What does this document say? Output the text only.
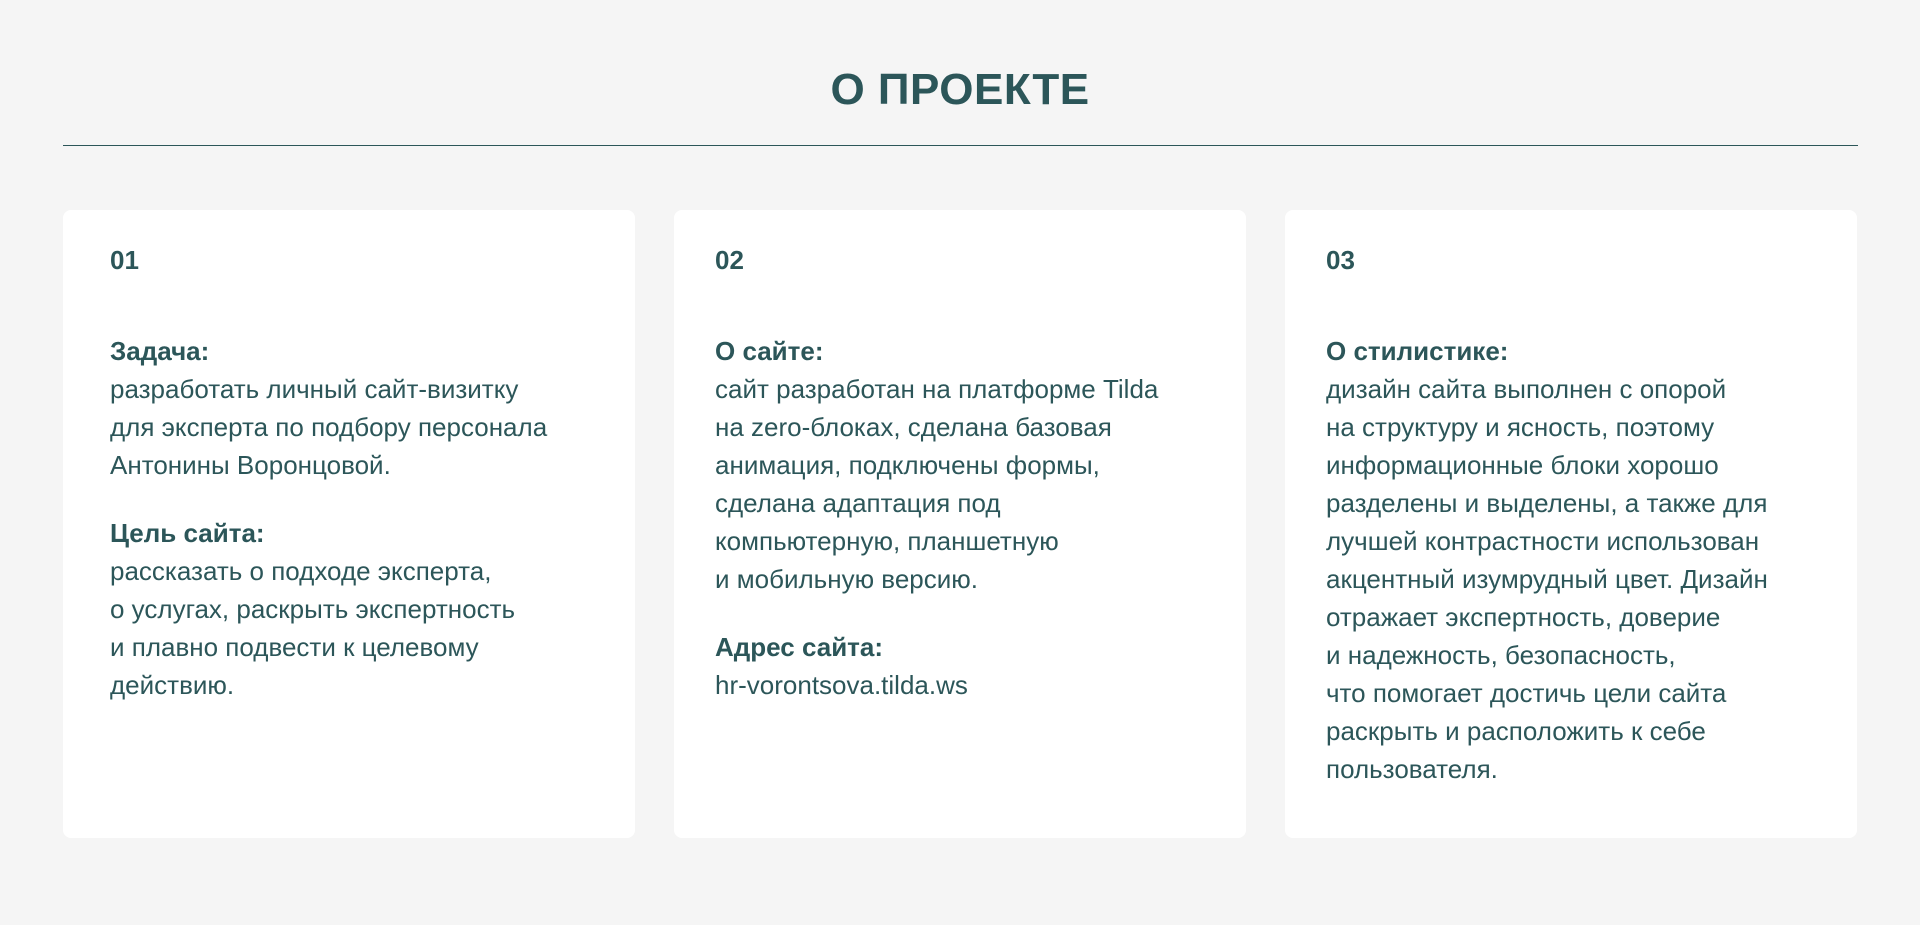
О ПРОЕКТЕ

01

Задача:

разработать личный сайт-визитку
для эксперта по подбору персонала
Антонины Воронцовой.

Цель сайта:

рассказать о подходе эксперта,
о услугах, раскрыть экспертность
и плавно подвести к целевому
действию.

02

О сайте:

сайт разработан на платформе Tilda
на zero-блоках, сделана базовая
анимация, подключены формы,
сделана адаптация под
компьютерную, планшетную
и мобильную версию.

Адрес сайта:

hr-vorontsova.tilda.ws

03

О стилистике:

дизайн сайта выполнен с опорой
на структуру и ясность, поэтому
информационные блоки хорошо
разделены и выделены, а также для
лучшей контрастности использован
акцентный изумрудный цвет. Дизайн
отражает экспертность, доверие
и надежность, безопасность,
что помогает достичь цели сайта
раскрыть и расположить к себе
пользователя.
